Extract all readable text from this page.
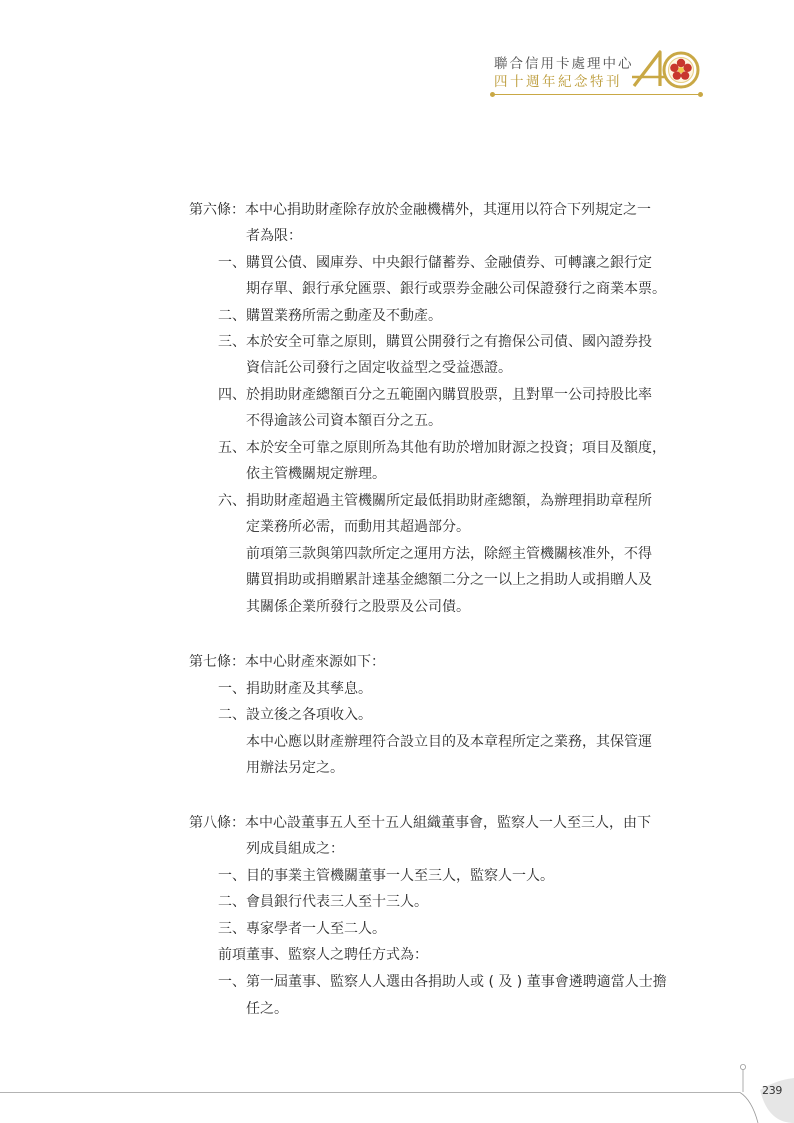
聯合信用卡處理中心
四十週年紀念特刊
第六條：本中心捐助財產除存放於金融機構外，其運用以符合下列規定之一
者為限：
一、購買公債、國庫券、中央銀行儲蓄券、金融債券、可轉讓之銀行定
期存單、銀行承兌匯票、銀行或票券金融公司保證發行之商業本票。
二、購置業務所需之動產及不動產。
三、本於安全可靠之原則，購買公開發行之有擔保公司債、國內證券投
資信託公司發行之固定收益型之受益憑證。
四、於捐助財產總額百分之五範圍內購買股票，且對單一公司持股比率
不得逾該公司資本額百分之五。
五、本於安全可靠之原則所為其他有助於增加財源之投資；項目及額度，
依主管機關規定辦理。
六、捐助財產超過主管機關所定最低捐助財產總額，為辦理捐助章程所
定業務所必需，而動用其超過部分。
前項第三款與第四款所定之運用方法，除經主管機關核准外，不得
購買捐助或捐贈累計達基金總額二分之一以上之捐助人或捐贈人及
其關係企業所發行之股票及公司債。
第七條：本中心財產來源如下：
一、捐助財產及其孳息。
二、設立後之各項收入。
本中心應以財產辦理符合設立目的及本章程所定之業務，其保管運
用辦法另定之。
第八條：本中心設董事五人至十五人組織董事會，監察人一人至三人，由下
列成員組成之：
一、目的事業主管機關董事一人至三人，監察人一人。
二、會員銀行代表三人至十三人。
三、專家學者一人至二人。
前項董事、監察人之聘任方式為：
一、第一屆董事、監察人人選由各捐助人或 ( 及 ) 董事會遴聘適當人士擔
任之。
239
